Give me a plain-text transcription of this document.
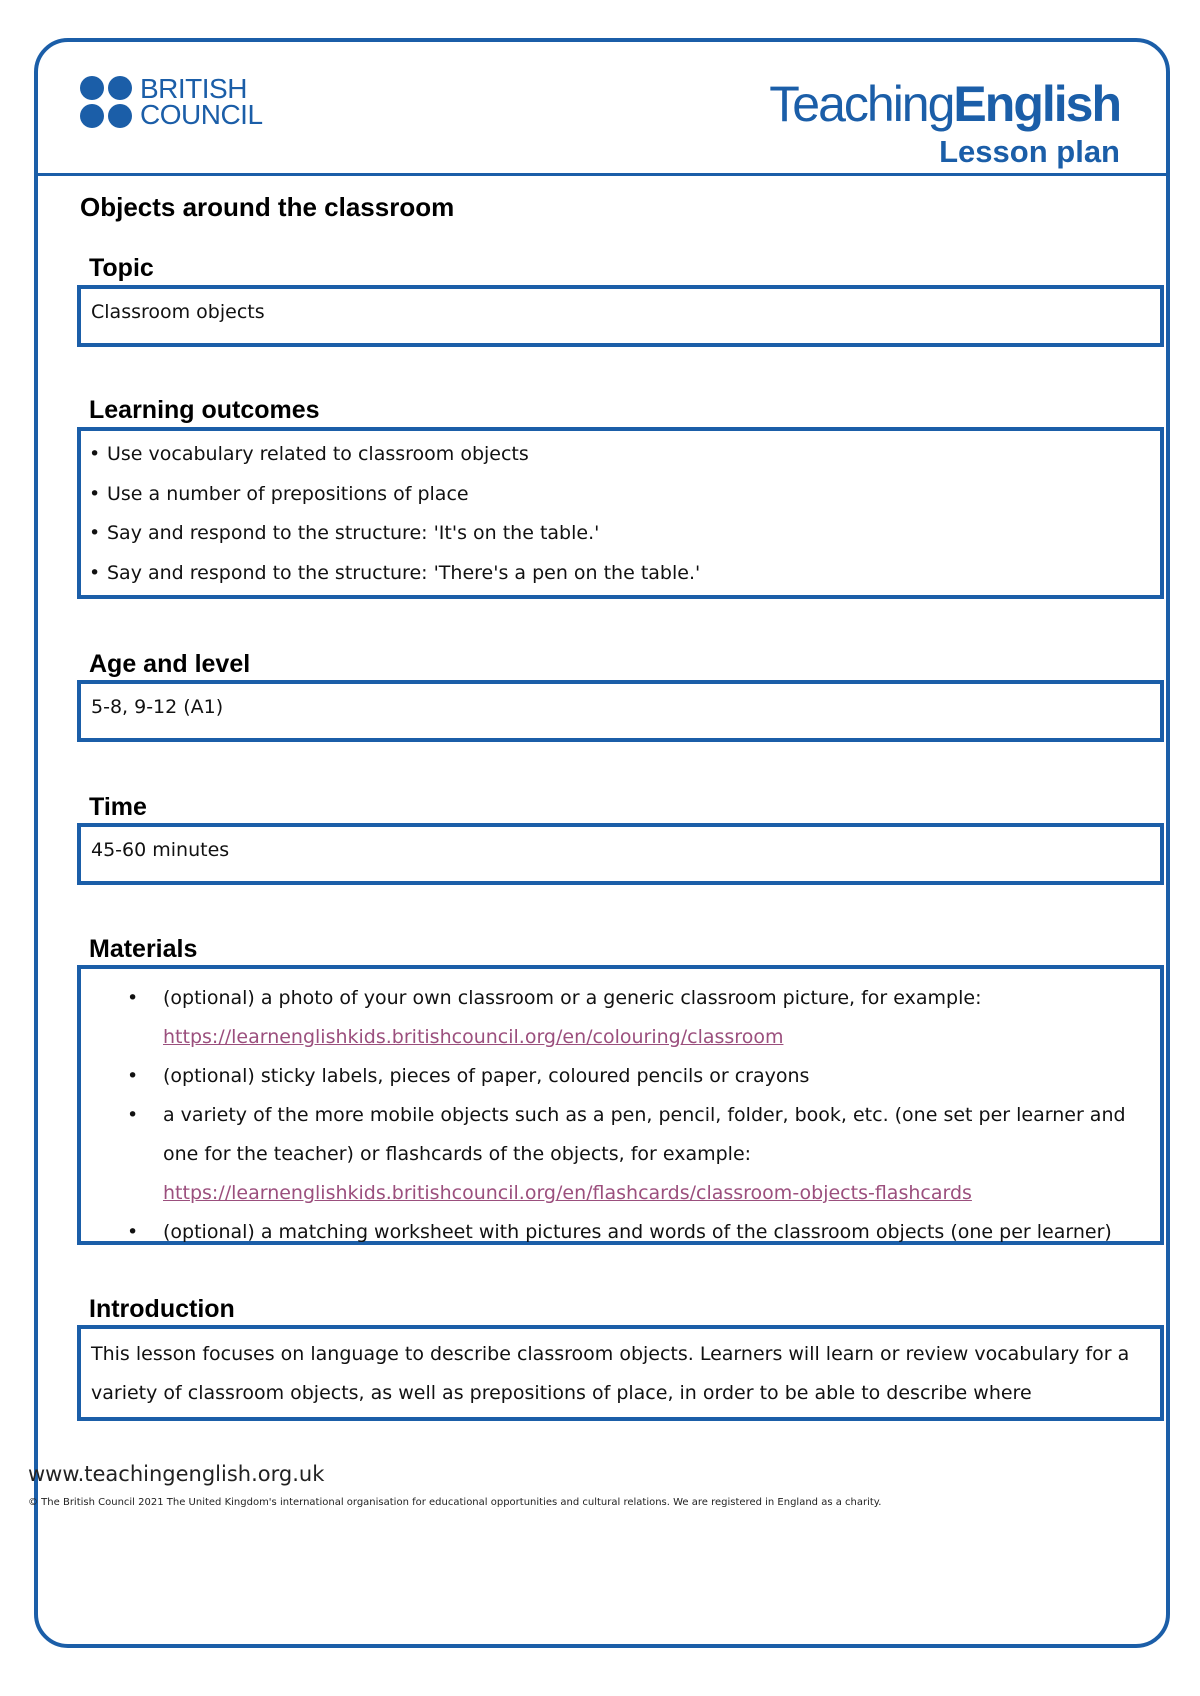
BRITISH
COUNCIL	TeachingEnglish
Lesson plan
Objects around the classroom
Topic
Classroom objects
Learning outcomes
• Use vocabulary related to classroom objects
• Use a number of prepositions of place
• Say and respond to the structure: 'It's on the table.'
• Say and respond to the structure: 'There's a pen on the table.'
Age and level
5-8, 9-12 (A1)
Time
45-60 minutes
Materials
• (optional) a photo of your own classroom or a generic classroom picture, for example:
https://learnenglishkids.britishcouncil.org/en/colouring/classroom
• (optional) sticky labels, pieces of paper, coloured pencils or crayons
• a variety of the more mobile objects such as a pen, pencil, folder, book, etc. (one set per learner and one for the teacher) or flashcards of the objects, for example:
https://learnenglishkids.britishcouncil.org/en/flashcards/classroom-objects-flashcards
• (optional) a matching worksheet with pictures and words of the classroom objects (one per learner)
Introduction
This lesson focuses on language to describe classroom objects. Learners will learn or review vocabulary for a variety of classroom objects, as well as prepositions of place, in order to be able to describe where
www.teachingenglish.org.uk
© The British Council 2021 The United Kingdom's international organisation for educational opportunities and cultural relations. We are registered in England as a charity.
